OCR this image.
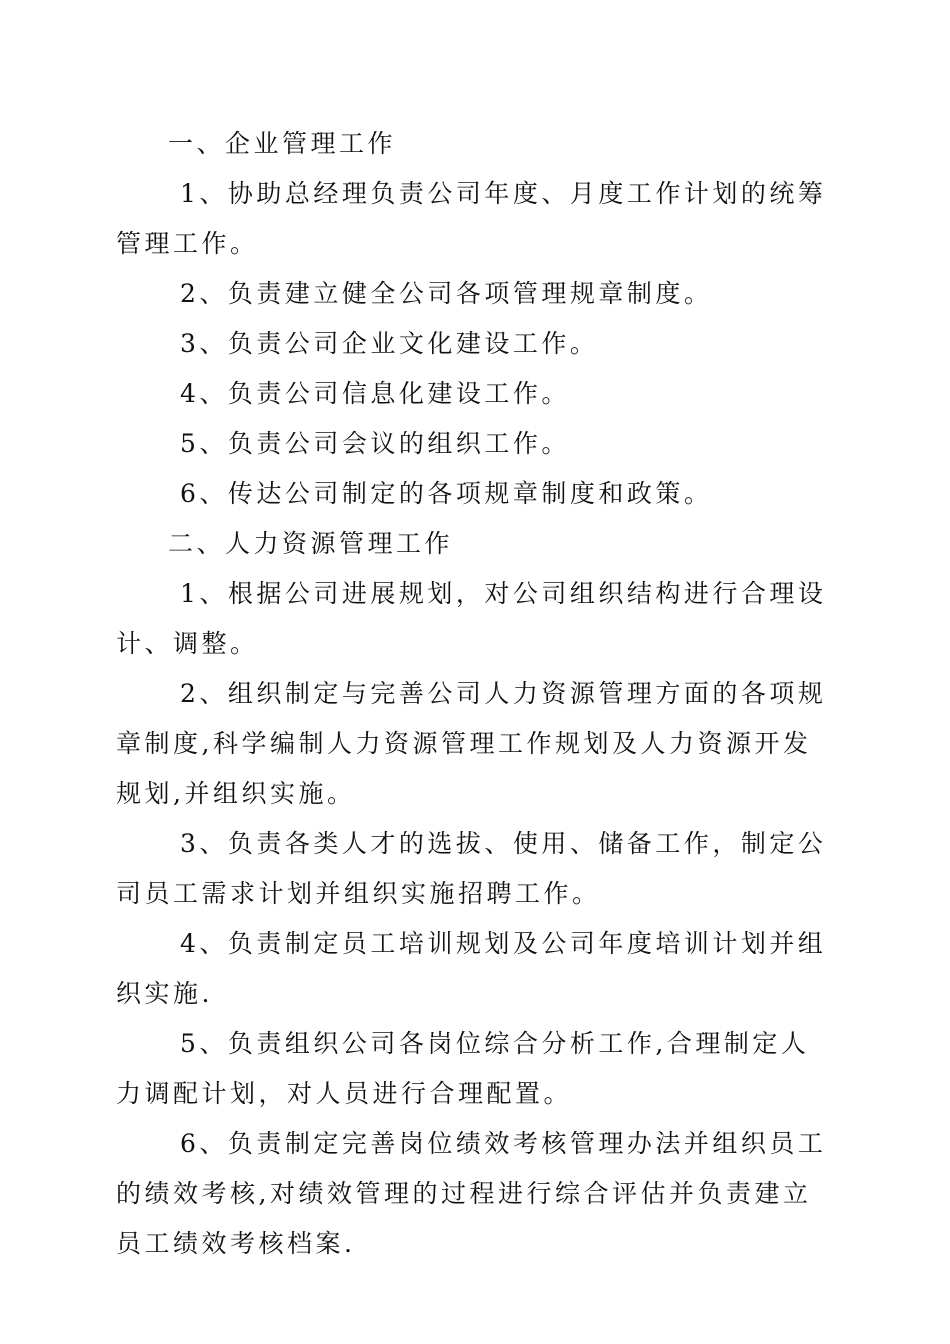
一、企业管理工作

1、协助总经理负责公司年度、月度工作计划的统筹管理工作。

2、负责建立健全公司各项管理规章制度。

3、负责公司企业文化建设工作。

4、负责公司信息化建设工作。

5、负责公司会议的组织工作。

6、传达公司制定的各项规章制度和政策。

二、人力资源管理工作

1、根据公司进展规划，对公司组织结构进行合理设计、调整。

2、组织制定与完善公司人力资源管理方面的各项规章制度,科学编制人力资源管理工作规划及人力资源开发规划,并组织实施。

3、负责各类人才的选拔、使用、储备工作，制定公司员工需求计划并组织实施招聘工作。

4、负责制定员工培训规划及公司年度培训计划并组织实施.

5、负责组织公司各岗位综合分析工作,合理制定人力调配计划，对人员进行合理配置。

6、负责制定完善岗位绩效考核管理办法并组织员工的绩效考核,对绩效管理的过程进行综合评估并负责建立员工绩效考核档案.
